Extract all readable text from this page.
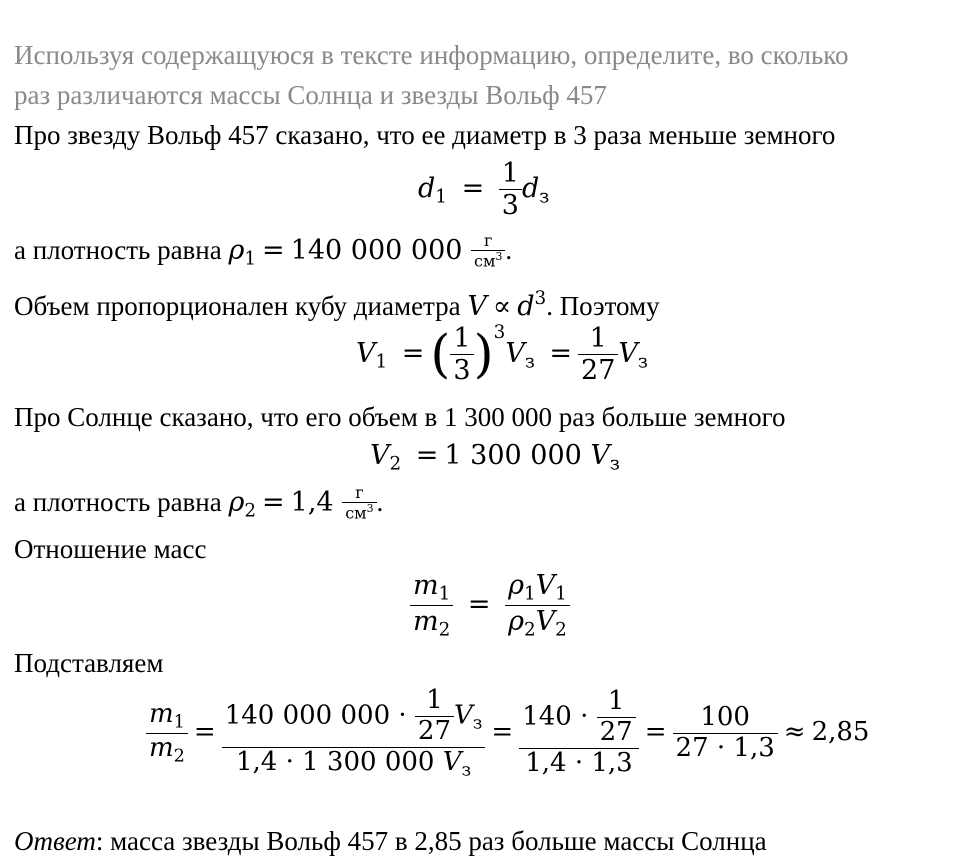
Используя содержащуюся в тексте информацию, определите, во сколько
раз различаются массы Солнца и звезды Вольф 457
Про звезду Вольф 457 сказано, что ее диаметр в 3 раза меньше земного
$d_1 = \frac{1}{3} d_з$
а плотность равна $\rho_1 = 140$ 000 $000 \frac{г}{см^3}$ .
Объем пропорционален кубу диаметра $V \propto d^3$. Поэтому
$V_1$ = ( $\frac{1}{3} )^3V_з = \frac{1}{27} V_з$
Про Солнце сказано, что его объем в 1 300 000 раз больше земного
$V_2 = 1$ 300 000 $V_з$
а плотность равна $\rho_2 = 1,4 \frac{г}{см^3}$ .
Отношение масс
$\frac{m_1}{m_2} = \frac{\rho_1V_1}{\rho_2V_2}$
Подставляем
$\frac{m_1}{m_2} = \frac{140 000 000 \cdot \frac{1}{27} V_з}{1,4 \cdot 1 300 000 V_з} = \frac{140 \cdot \frac{1}{27}}{1,4 \cdot 1,3} = \frac{100}{27 \cdot 1,3} \approx 2,85$
Ответ: масса звезды Вольф 457 в 2,85 раз больше массы Солнца
